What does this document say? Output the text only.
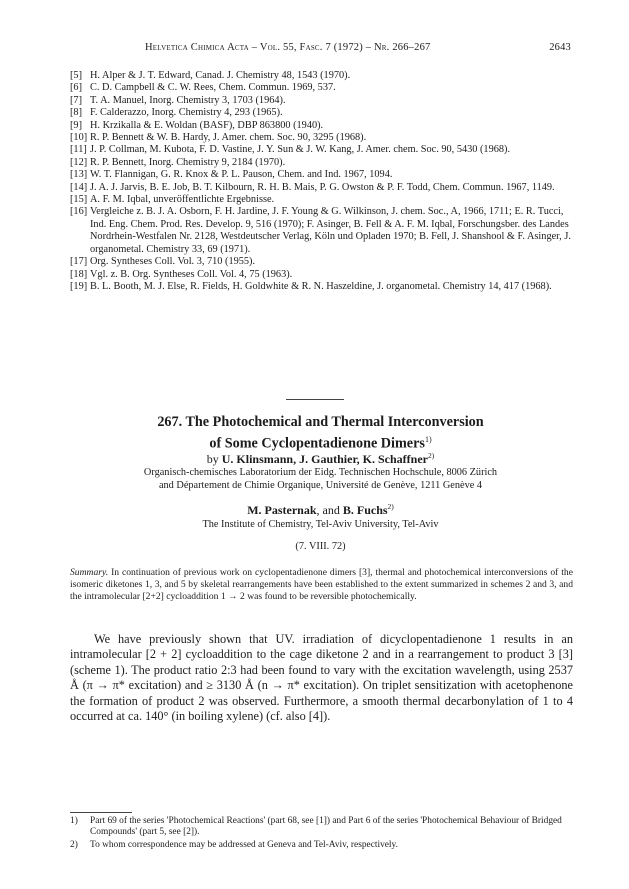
Helvetica Chimica Acta – Vol. 55, Fasc. 7 (1972) – Nr. 266–267	2643
[5] H. Alper & J. T. Edward, Canad. J. Chemistry 48, 1543 (1970).
[6] C. D. Campbell & C. W. Rees, Chem. Commun. 1969, 537.
[7] T. A. Manuel, Inorg. Chemistry 3, 1703 (1964).
[8] F. Calderazzo, Inorg. Chemistry 4, 293 (1965).
[9] H. Krzikalla & E. Woldan (BASF), DBP 863800 (1940).
[10] R. P. Bennett & W. B. Hardy, J. Amer. chem. Soc. 90, 3295 (1968).
[11] J. P. Collman, M. Kubota, F. D. Vastine, J. Y. Sun & J. W. Kang, J. Amer. chem. Soc. 90, 5430 (1968).
[12] R. P. Bennett, Inorg. Chemistry 9, 2184 (1970).
[13] W. T. Flannigan, G. R. Knox & P. L. Pauson, Chem. and Ind. 1967, 1094.
[14] J. A. J. Jarvis, B. E. Job, B. T. Kilbourn, R. H. B. Mais, P. G. Owston & P. F. Todd, Chem. Commun. 1967, 1149.
[15] A. F. M. Iqbal, unveröffentlichte Ergebnisse.
[16] Vergleiche z. B. J. A. Osborn, F. H. Jardine, J. F. Young & G. Wilkinson, J. chem. Soc., A, 1966, 1711; E. R. Tucci, Ind. Eng. Chem. Prod. Res. Develop. 9, 516 (1970); F. Asinger, B. Fell & A. F. M. Iqbal, Forschungsber. des Landes Nordrhein-Westfalen Nr. 2128, Westdeutscher Verlag, Köln und Opladen 1970; B. Fell, J. Shanshool & F. Asinger, J. organometal. Chemistry 33, 69 (1971).
[17] Org. Syntheses Coll. Vol. 3, 710 (1955).
[18] Vgl. z. B. Org. Syntheses Coll. Vol. 4, 75 (1963).
[19] B. L. Booth, M. J. Else, R. Fields, H. Goldwhite & R. N. Haszeldine, J. organometal. Chemistry 14, 417 (1968).
267. The Photochemical and Thermal Interconversion
of Some Cyclopentadienone Dimers$^{1)}$
by U. Klinsmann, J. Gauthier, K. Schaffner$^{2)}$
Organisch-chemisches Laboratorium der Eidg. Technischen Hochschule, 8006 Zürich
and Département de Chimie Organique, Université de Genève, 1211 Genève 4
M. Pasternak, and B. Fuchs$^{2)}$
The Institute of Chemistry, Tel-Aviv University, Tel-Aviv
(7. VIII. 72)
Summary. In continuation of previous work on cyclopentadienone dimers [3], thermal and photochemical interconversions of the isomeric diketones 1, 3, and 5 by skeletal rearrangements have been established to the extent summarized in schemes 2 and 3, and the intramolecular [2+2] cycloaddition 1 → 2 was found to be reversible photochemically.
We have previously shown that UV. irradiation of dicyclopentadienone 1 results in an intramolecular [2 + 2] cycloaddition to the cage diketone 2 and in a rearrangement to product 3 [3] (scheme 1). The product ratio 2:3 had been found to vary with the excitation wavelength, using 2537 Å (π → π* excitation) and ≥ 3130 Å (n → π* excitation). On triplet sensitization with acetophenone the formation of product 2 was observed. Furthermore, a smooth thermal decarbonylation of 1 to 4 occurred at ca. 140° (in boiling xylene) (cf. also [4]).
1) Part 69 of the series 'Photochemical Reactions' (part 68, see [1]) and Part 6 of the series 'Photochemical Behaviour of Bridged Compounds' (part 5, see [2]).
2) To whom correspondence may be addressed at Geneva and Tel-Aviv, respectively.
